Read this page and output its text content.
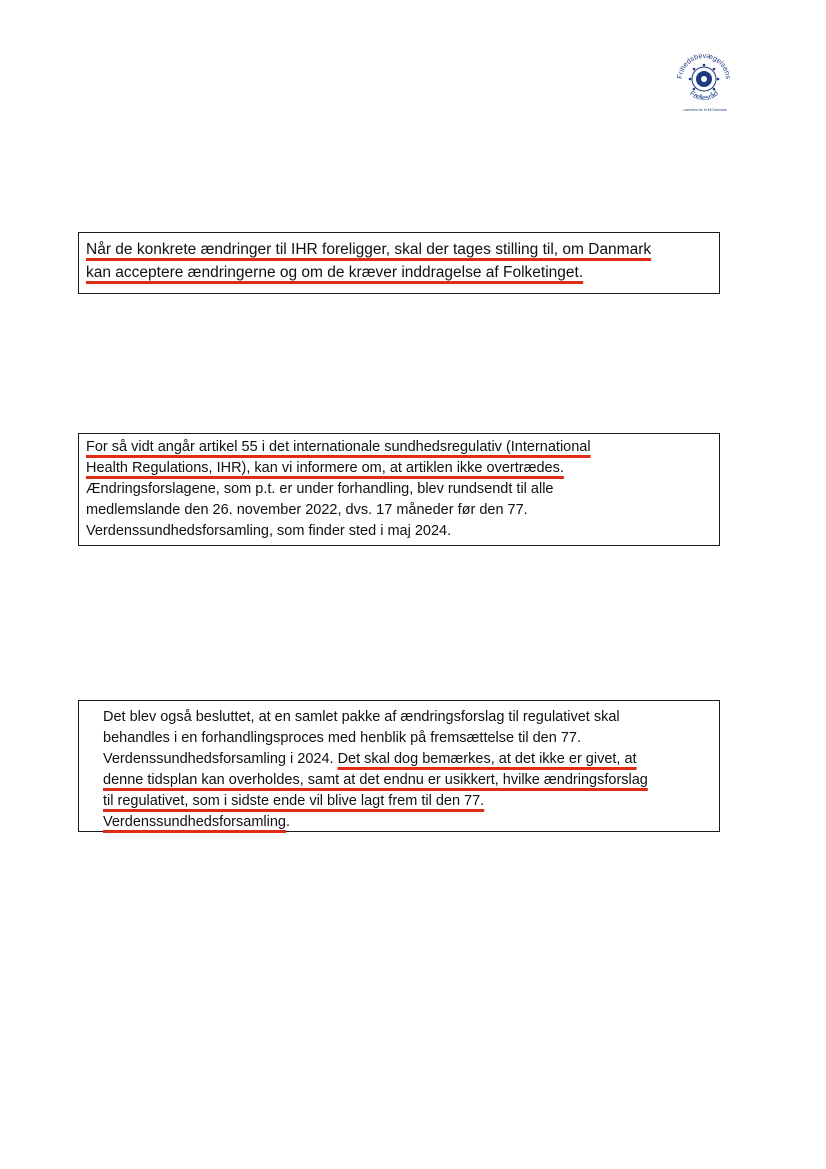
Frihedsbevægelsens
Fællesråd
– sammen for et frit Danmark
Når de konkrete ændringer til IHR foreligger, skal der tages stilling til, om Danmark
kan acceptere ændringerne og om de kræver inddragelse af Folketinget.
For så vidt angår artikel 55 i det internationale sundhedsregulativ (International
Health Regulations, IHR), kan vi informere om, at artiklen ikke overtrædes.
Ændringsforslagene, som p.t. er under forhandling, blev rundsendt til alle
medlemslande den 26. november 2022, dvs. 17 måneder før den 77.
Verdenssundhedsforsamling, som finder sted i maj 2024.
Det blev også besluttet, at en samlet pakke af ændringsforslag til regulativet skal
behandles i en forhandlingsproces med henblik på fremsættelse til den 77.
Verdenssundhedsforsamling i 2024. Det skal dog bemærkes, at det ikke er givet, at
denne tidsplan kan overholdes, samt at det endnu er usikkert, hvilke ændringsforslag
til regulativet, som i sidste ende vil blive lagt frem til den 77.
Verdenssundhedsforsamling.
